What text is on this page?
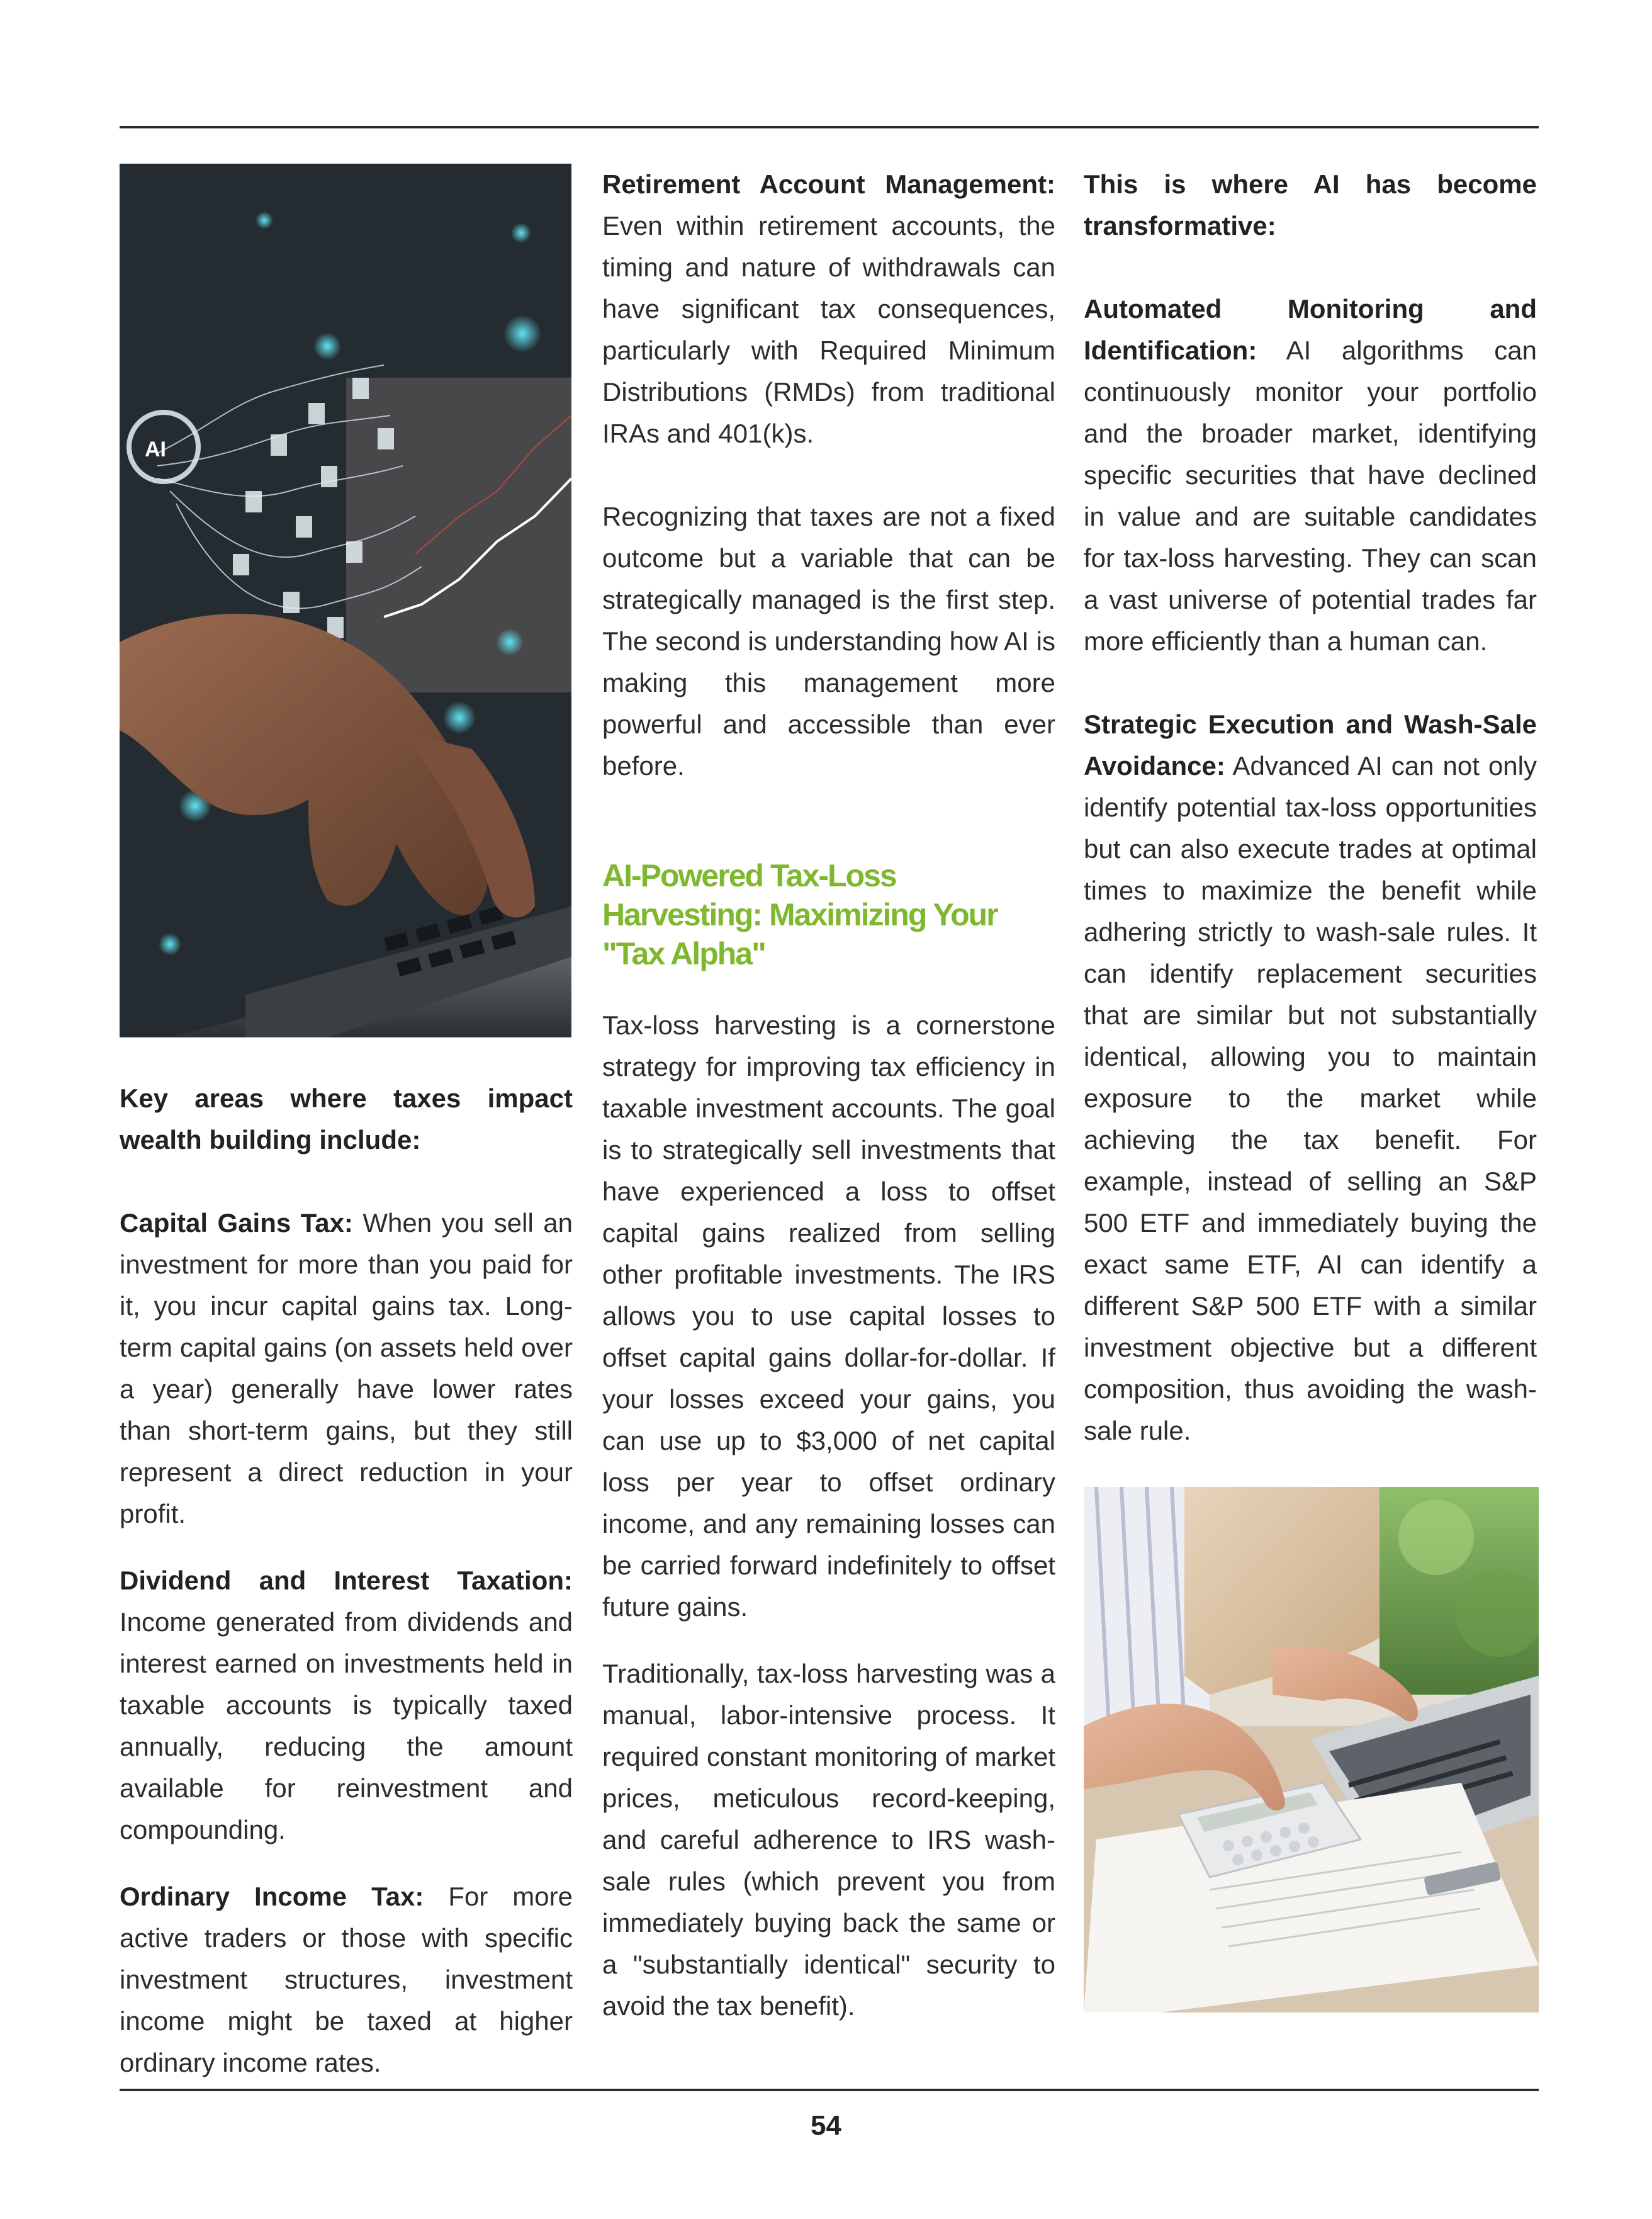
AI

Key areas where taxes impact wealth building include:

Capital Gains Tax: When you sell an investment for more than you paid for it, you incur capital gains tax. Long-term capital gains (on assets held over a year) generally have lower rates than short-term gains, but they still represent a direct reduction in your profit.

Dividend and Interest Taxation: Income generated from dividends and interest earned on investments held in taxable accounts is typically taxed annually, reducing the amount available for reinvestment and compounding.

Ordinary Income Tax: For more active traders or those with specific investment structures, investment income might be taxed at higher ordinary income rates.

Retirement Account Management: Even within retirement accounts, the timing and nature of withdrawals can have significant tax consequences, particularly with Required Minimum Distributions (RMDs) from traditional IRAs and 401(k)s.

Recognizing that taxes are not a fixed outcome but a variable that can be strategically managed is the first step. The second is understanding how AI is making this management more powerful and accessible than ever before.

AI-Powered Tax-Loss Harvesting: Maximizing Your "Tax Alpha"

Tax-loss harvesting is a cornerstone strategy for improving tax efficiency in taxable investment accounts. The goal is to strategically sell investments that have experienced a loss to offset capital gains realized from selling other profitable investments. The IRS allows you to use capital losses to offset capital gains dollar-for-dollar. If your losses exceed your gains, you can use up to $3,000 of net capital loss per year to offset ordinary income, and any remaining losses can be carried forward indefinitely to offset future gains.

Traditionally, tax-loss harvesting was a manual, labor-intensive process. It required constant monitoring of market prices, meticulous record-keeping, and careful adherence to IRS wash-sale rules (which prevent you from immediately buying back the same or a "substantially identical" security to avoid the tax benefit).

This is where AI has become transformative:

Automated Monitoring and Identification: AI algorithms can continuously monitor your portfolio and the broader market, identifying specific securities that have declined in value and are suitable candidates for tax-loss harvesting. They can scan a vast universe of potential trades far more efficiently than a human can.

Strategic Execution and Wash-Sale Avoidance: Advanced AI can not only identify potential tax-loss opportunities but can also execute trades at optimal times to maximize the benefit while adhering strictly to wash-sale rules. It can identify replacement securities that are similar but not substantially identical, allowing you to maintain exposure to the market while achieving the tax benefit. For example, instead of selling an S&P 500 ETF and immediately buying the exact same ETF, AI can identify a different S&P 500 ETF with a similar investment objective but a different composition, thus avoiding the wash-sale rule.

54
